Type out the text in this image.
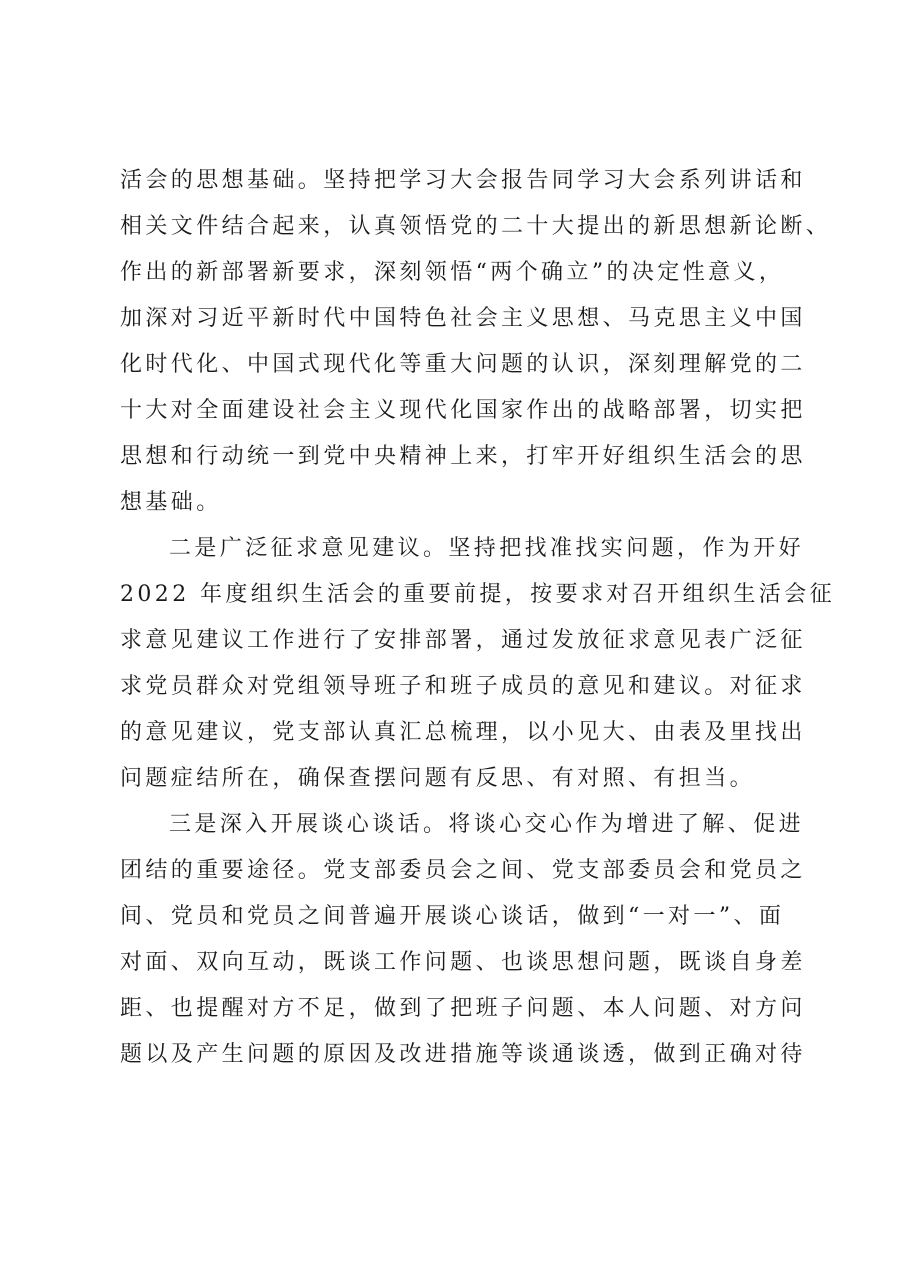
活会的思想基础。坚持把学习大会报告同学习大会系列讲话和
相关文件结合起来，认真领悟党的二十大提出的新思想新论断、
作出的新部署新要求，深刻领悟“两个确立”的决定性意义，
加深对习近平新时代中国特色社会主义思想、马克思主义中国
化时代化、中国式现代化等重大问题的认识，深刻理解党的二
十大对全面建设社会主义现代化国家作出的战略部署，切实把
思想和行动统一到党中央精神上来，打牢开好组织生活会的思
想基础。
二是广泛征求意见建议。坚持把找准找实问题，作为开好
2022 年度组织生活会的重要前提，按要求对召开组织生活会征
求意见建议工作进行了安排部署，通过发放征求意见表广泛征
求党员群众对党组领导班子和班子成员的意见和建议。对征求
的意见建议，党支部认真汇总梳理，以小见大、由表及里找出
问题症结所在，确保查摆问题有反思、有对照、有担当。
三是深入开展谈心谈话。将谈心交心作为增进了解、促进
团结的重要途径。党支部委员会之间、党支部委员会和党员之
间、党员和党员之间普遍开展谈心谈话，做到“一对一”、面
对面、双向互动，既谈工作问题、也谈思想问题，既谈自身差
距、也提醒对方不足，做到了把班子问题、本人问题、对方问
题以及产生问题的原因及改进措施等谈通谈透，做到正确对待
